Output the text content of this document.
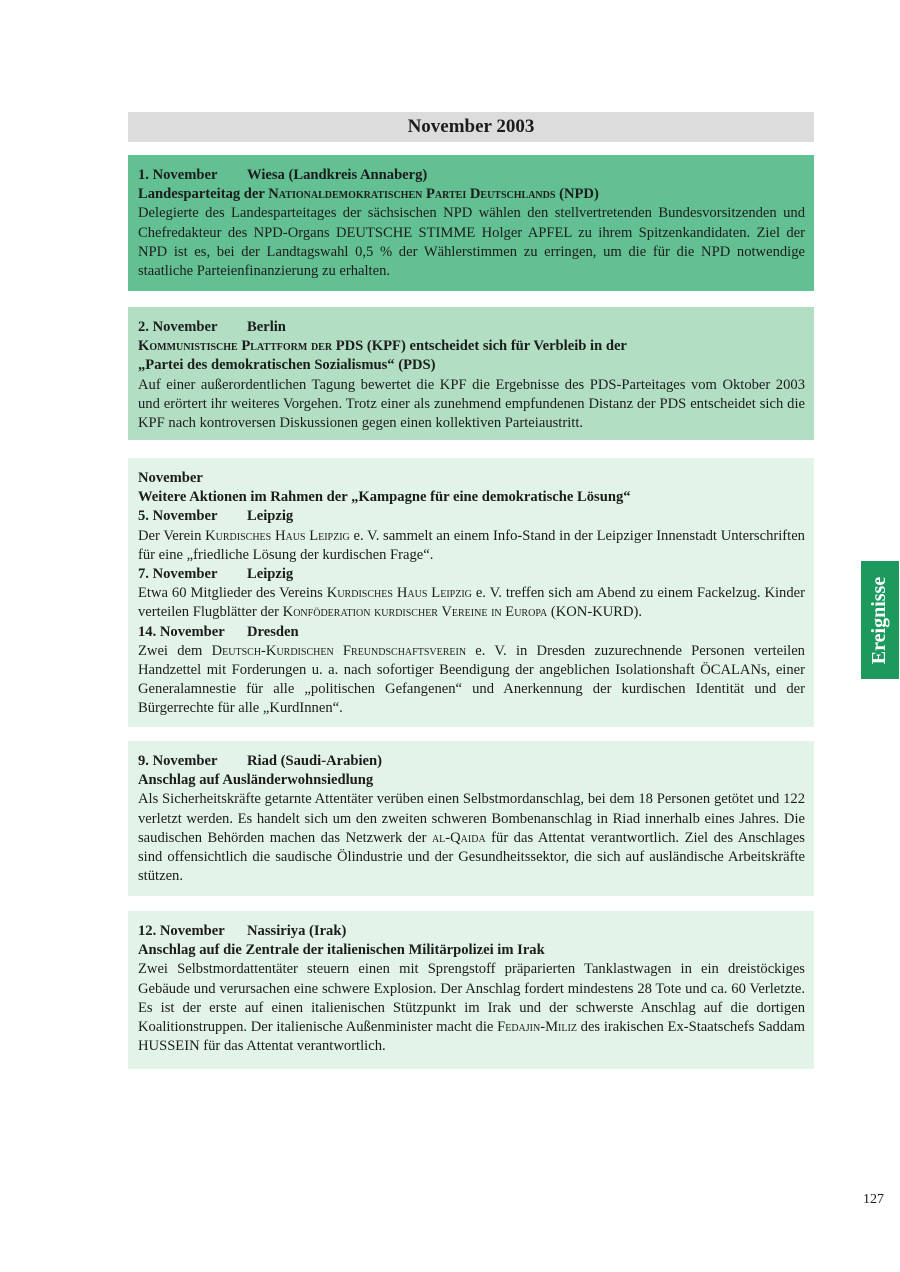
November 2003
1. November Wiesa (Landkreis Annaberg)
Landesparteitag der Nationaldemokratischen Partei Deutschlands (NPD)
Delegierte des Landesparteitages der sächsischen NPD wählen den stellvertretenden Bundesvorsitzenden und Chefredakteur des NPD-Organs DEUTSCHE STIMME Holger APFEL zu ihrem Spitzenkandidaten. Ziel der NPD ist es, bei der Landtagswahl 0,5 % der Wählerstimmen zu erringen, um die für die NPD notwendige staatliche Parteienfinanzierung zu erhalten.
2. November Berlin
Kommunistische Plattform der PDS (KPF) entscheidet sich für Verbleib in der
„Partei des demokratischen Sozialismus“ (PDS)
Auf einer außerordentlichen Tagung bewertet die KPF die Ergebnisse des PDS-Parteitages vom Oktober 2003 und erörtert ihr weiteres Vorgehen. Trotz einer als zunehmend empfundenen Distanz der PDS entscheidet sich die KPF nach kontroversen Diskussionen gegen einen kollektiven Parteiaustritt.
November
Weitere Aktionen im Rahmen der „Kampagne für eine demokratische Lösung“
5. November Leipzig
Der Verein Kurdisches Haus Leipzig e. V. sammelt an einem Info-Stand in der Leipziger Innenstadt Unterschriften für eine „friedliche Lösung der kurdischen Frage“.
7. November Leipzig
Etwa 60 Mitglieder des Vereins Kurdisches Haus Leipzig e. V. treffen sich am Abend zu einem Fackelzug. Kinder verteilen Flugblätter der Konföderation kurdischer Vereine in Europa (KON-KURD).
14. November Dresden
Zwei dem Deutsch-Kurdischen Freundschaftsverein e. V. in Dresden zuzurechnende Personen verteilen Handzettel mit Forderungen u. a. nach sofortiger Beendigung der angeblichen Isolationshaft ÖCALANs, einer Generalamnestie für alle „politischen Gefangenen“ und Anerkennung der kurdischen Identität und der Bürgerrechte für alle „KurdInnen“.
9. November Riad (Saudi-Arabien)
Anschlag auf Ausländerwohnsiedlung
Als Sicherheitskräfte getarnte Attentäter verüben einen Selbstmordanschlag, bei dem 18 Personen getötet und 122 verletzt werden. Es handelt sich um den zweiten schweren Bombenanschlag in Riad innerhalb eines Jahres. Die saudischen Behörden machen das Netzwerk der al-Qaida für das Attentat verantwortlich. Ziel des Anschlages sind offensichtlich die saudische Ölindustrie und der Gesundheitssektor, die sich auf ausländische Arbeitskräfte stützen.
12. November Nassiriya (Irak)
Anschlag auf die Zentrale der italienischen Militärpolizei im Irak
Zwei Selbstmordattentäter steuern einen mit Sprengstoff präparierten Tanklastwagen in ein dreistöckiges Gebäude und verursachen eine schwere Explosion. Der Anschlag fordert mindestens 28 Tote und ca. 60 Verletzte. Es ist der erste auf einen italienischen Stützpunkt im Irak und der schwerste Anschlag auf die dortigen Koalitionstruppen. Der italienische Außenminister macht die Fedajin-Miliz des irakischen Ex-Staatschefs Saddam HUSSEIN für das Attentat verantwortlich.
Ereignisse
127
